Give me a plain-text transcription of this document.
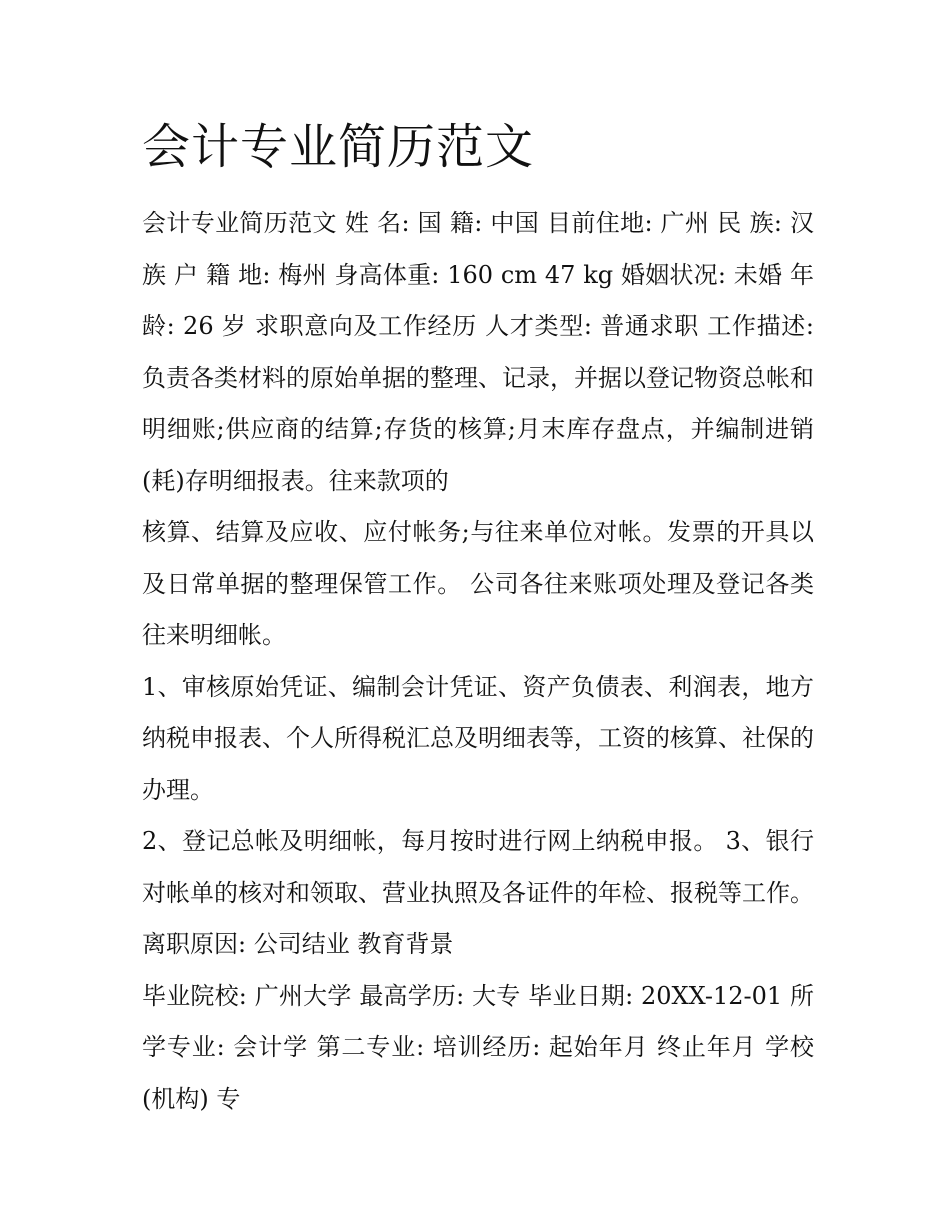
会计专业简历范文

会计专业简历范文 姓 名: 国 籍: 中国 目前住地: 广州 民 族: 汉族 户 籍 地: 梅州 身高体重: 160 cm 47 kg 婚姻状况: 未婚 年龄: 26 岁 求职意向及工作经历 人才类型: 普通求职 工作描述: 负责各类材料的原始单据的整理、记录，并据以登记物资总帐和明细账;供应商的结算;存货的核算;月末库存盘点，并编制进销(耗)存明细报表。往来款项的

核算、结算及应收、应付帐务;与往来单位对帐。发票的开具以及日常单据的整理保管工作。 公司各往来账项处理及登记各类往来明细帐。

1、审核原始凭证、编制会计凭证、资产负债表、利润表，地方纳税申报表、个人所得税汇总及明细表等，工资的核算、社保的办理。

2、登记总帐及明细帐，每月按时进行网上纳税申报。 3、银行对帐单的核对和领取、营业执照及各证件的年检、报税等工作。 离职原因: 公司结业 教育背景

毕业院校: 广州大学 最高学历: 大专 毕业日期: 20XX-12-01 所学专业: 会计学 第二专业: 培训经历: 起始年月 终止年月 学校(机构) 专
